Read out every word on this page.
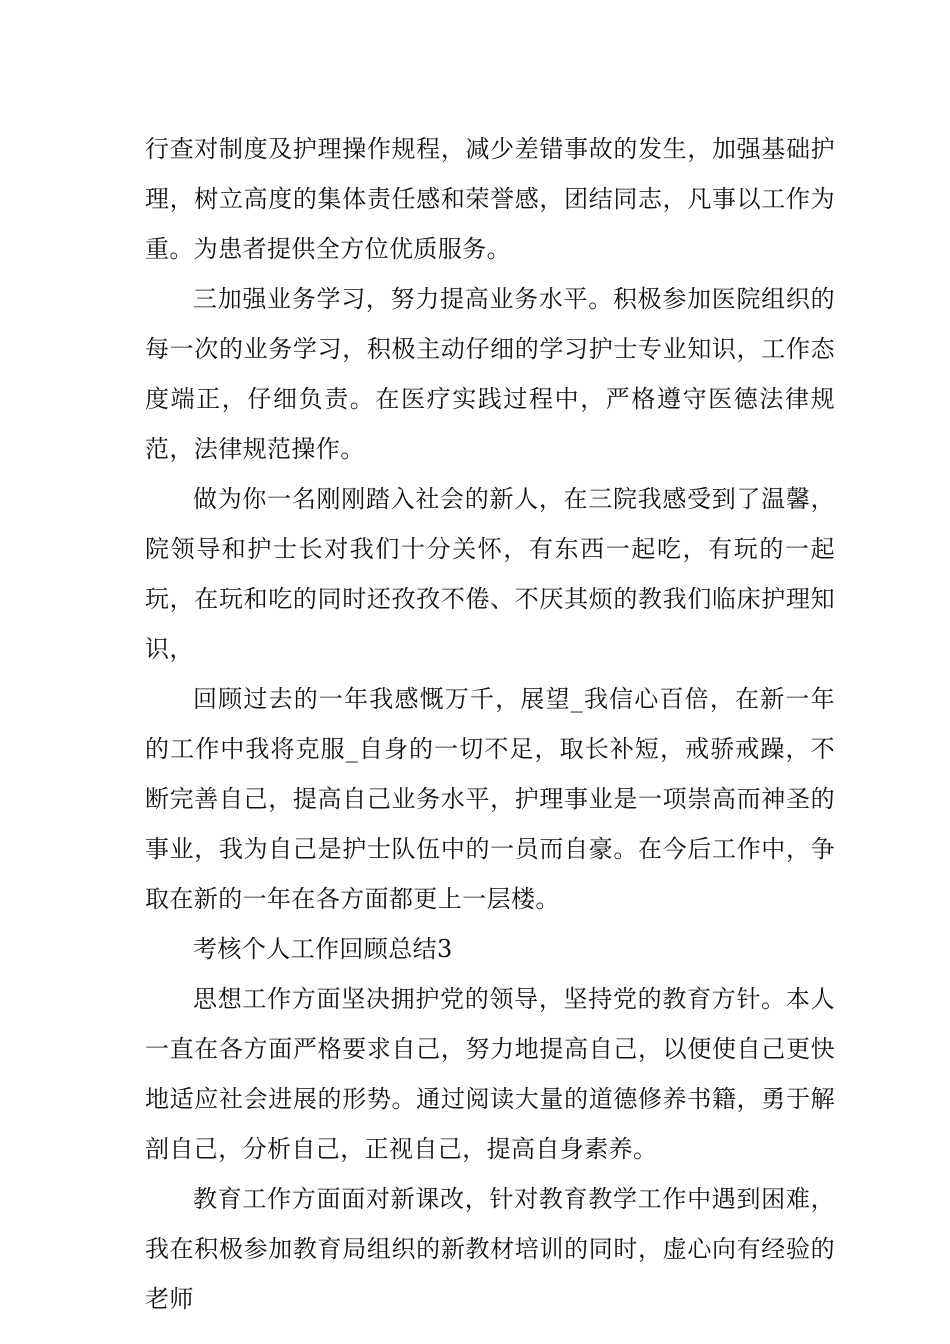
行查对制度及护理操作规程，减少差错事故的发生，加强基础护理，树立高度的集体责任感和荣誉感，团结同志，凡事以工作为重。为患者提供全方位优质服务。

三加强业务学习，努力提高业务水平。积极参加医院组织的每一次的业务学习，积极主动仔细的学习护士专业知识，工作态度端正，仔细负责。在医疗实践过程中，严格遵守医德法律规范，法律规范操作。

做为你一名刚刚踏入社会的新人，在三院我感受到了温馨，院领导和护士长对我们十分关怀，有东西一起吃，有玩的一起玩，在玩和吃的同时还孜孜不倦、不厌其烦的教我们临床护理知识，

回顾过去的一年我感慨万千，展望_我信心百倍，在新一年的工作中我将克服_自身的一切不足，取长补短，戒骄戒躁，不断完善自己，提高自己业务水平，护理事业是一项崇高而神圣的事业，我为自己是护士队伍中的一员而自豪。在今后工作中，争取在新的一年在各方面都更上一层楼。

考核个人工作回顾总结3

思想工作方面坚决拥护党的领导，坚持党的教育方针。本人一直在各方面严格要求自己，努力地提高自己，以便使自己更快地适应社会进展的形势。通过阅读大量的道德修养书籍，勇于解剖自己，分析自己，正视自己，提高自身素养。

教育工作方面面对新课改，针对教育教学工作中遇到困难，我在积极参加教育局组织的新教材培训的同时，虚心向有经验的老师
